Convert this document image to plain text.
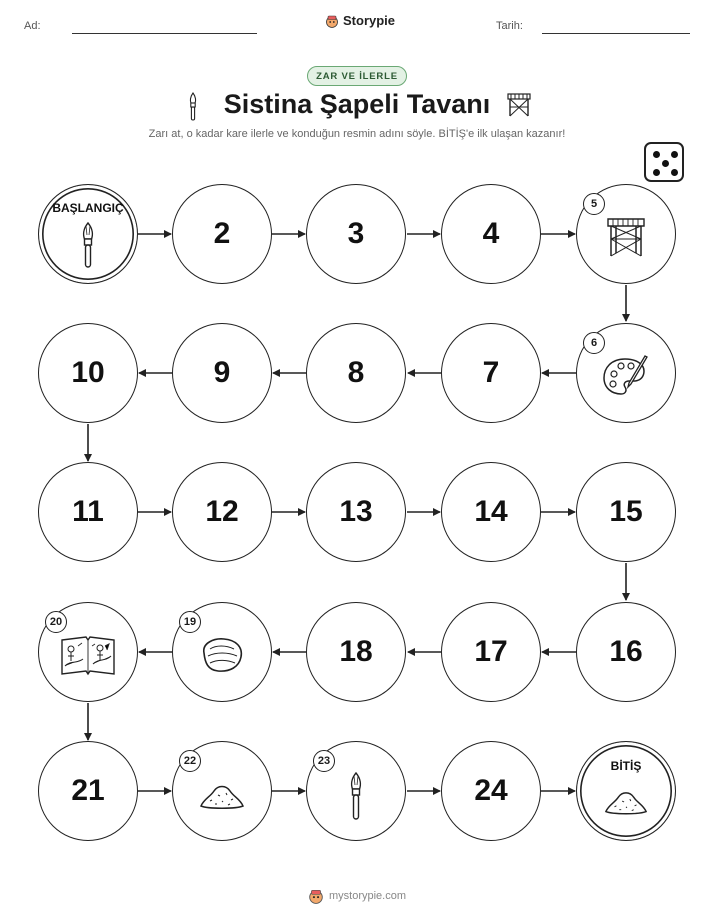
Ad:	Storypie	Tarih:
ZAR VE İLERLE
Sistina Şapeli Tavanı
Zarı at, o kadar kare ilerle ve konduğun resmin adını söyle. BİTİŞ'e ilk ulaşan kazanır!
BAŞLANGIÇ
2	3	4
5
10	9	8	7
6
11	12	13	14	15
20	19
18	17	16
21
22	23
24
BİTİŞ
mystorypie.com
